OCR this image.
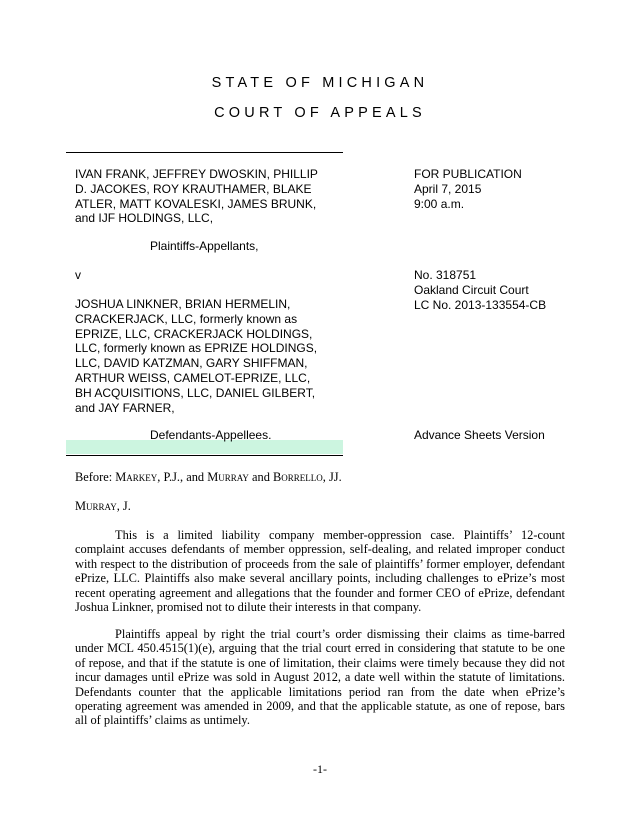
STATE OF MICHIGAN
COURT OF APPEALS
IVAN FRANK, JEFFREY DWOSKIN, PHILLIP
D. JACOKES, ROY KRAUTHAMER, BLAKE
ATLER, MATT KOVALESKI, JAMES BRUNK,
and IJF HOLDINGS, LLC,
Plaintiffs-Appellants,
v
JOSHUA LINKNER, BRIAN HERMELIN,
CRACKERJACK, LLC, formerly known as
EPRIZE, LLC, CRACKERJACK HOLDINGS,
LLC, formerly known as EPRIZE HOLDINGS,
LLC, DAVID KATZMAN, GARY SHIFFMAN,
ARTHUR WEISS, CAMELOT-EPRIZE, LLC,
BH ACQUISITIONS, LLC, DANIEL GILBERT,
and JAY FARNER,
Defendants-Appellees.
FOR PUBLICATION
April 7, 2015
9:00 a.m.
No. 318751
Oakland Circuit Court
LC No. 2013-133554-CB
Advance Sheets Version
Before: Markey, P.J., and Murray and Borrello, JJ.
Murray, J.
This is a limited liability company member-oppression case. Plaintiffs’ 12-count complaint accuses defendants of member oppression, self-dealing, and related improper conduct with respect to the distribution of proceeds from the sale of plaintiffs’ former employer, defendant ePrize, LLC. Plaintiffs also make several ancillary points, including challenges to ePrize’s most recent operating agreement and allegations that the founder and former CEO of ePrize, defendant Joshua Linkner, promised not to dilute their interests in that company.
Plaintiffs appeal by right the trial court’s order dismissing their claims as time-barred under MCL 450.4515(1)(e), arguing that the trial court erred in considering that statute to be one of repose, and that if the statute is one of limitation, their claims were timely because they did not incur damages until ePrize was sold in August 2012, a date well within the statute of limitations. Defendants counter that the applicable limitations period ran from the date when ePrize’s operating agreement was amended in 2009, and that the applicable statute, as one of repose, bars all of plaintiffs’ claims as untimely.
-1-
